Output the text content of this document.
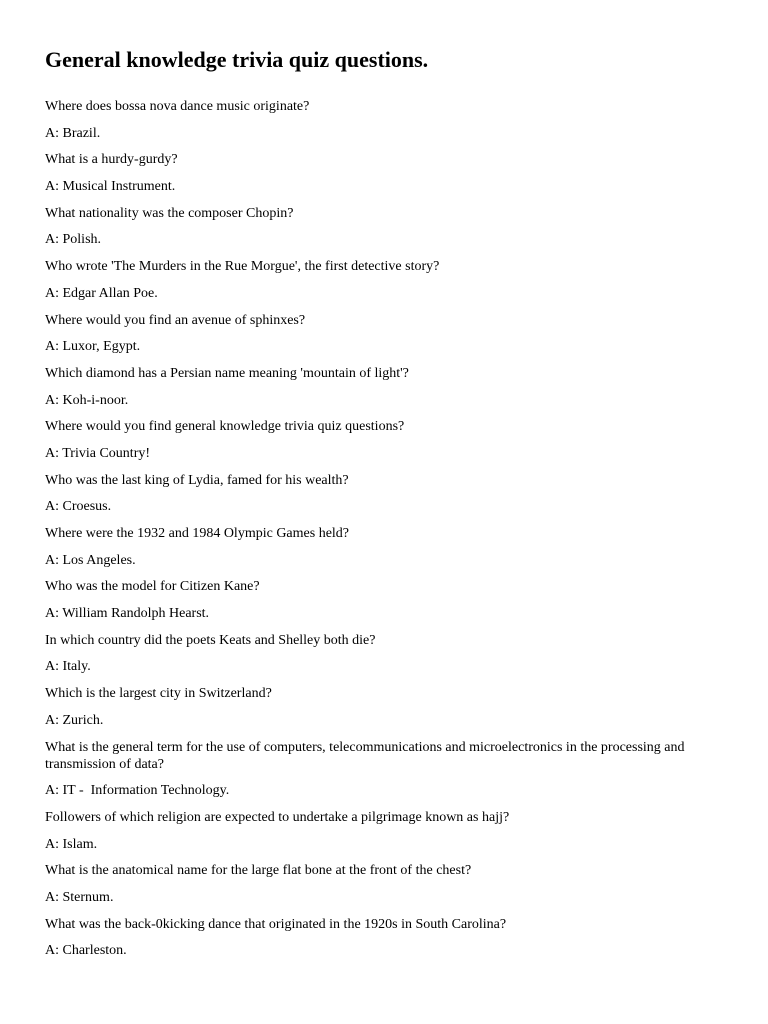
General knowledge trivia quiz questions.

Where does bossa nova dance music originate?

A: Brazil.

What is a hurdy-gurdy?

A: Musical Instrument.

What nationality was the composer Chopin?

A: Polish.

Who wrote 'The Murders in the Rue Morgue', the first detective story?

A: Edgar Allan Poe.

Where would you find an avenue of sphinxes?

A: Luxor, Egypt.

Which diamond has a Persian name meaning 'mountain of light'?

A: Koh-i-noor.

Where would you find general knowledge trivia quiz questions?

A: Trivia Country!

Who was the last king of Lydia, famed for his wealth?

A: Croesus.

Where were the 1932 and 1984 Olympic Games held?

A: Los Angeles.

Who was the model for Citizen Kane?

A: William Randolph Hearst.

In which country did the poets Keats and Shelley both die?

A: Italy.

Which is the largest city in Switzerland?

A: Zurich.

What is the general term for the use of computers, telecommunications and microelectronics in the processing and transmission of data?

A: IT -  Information Technology.

Followers of which religion are expected to undertake a pilgrimage known as hajj?

A: Islam.

What is the anatomical name for the large flat bone at the front of the chest?

A: Sternum.

What was the back-0kicking dance that originated in the 1920s in South Carolina?

A: Charleston.
